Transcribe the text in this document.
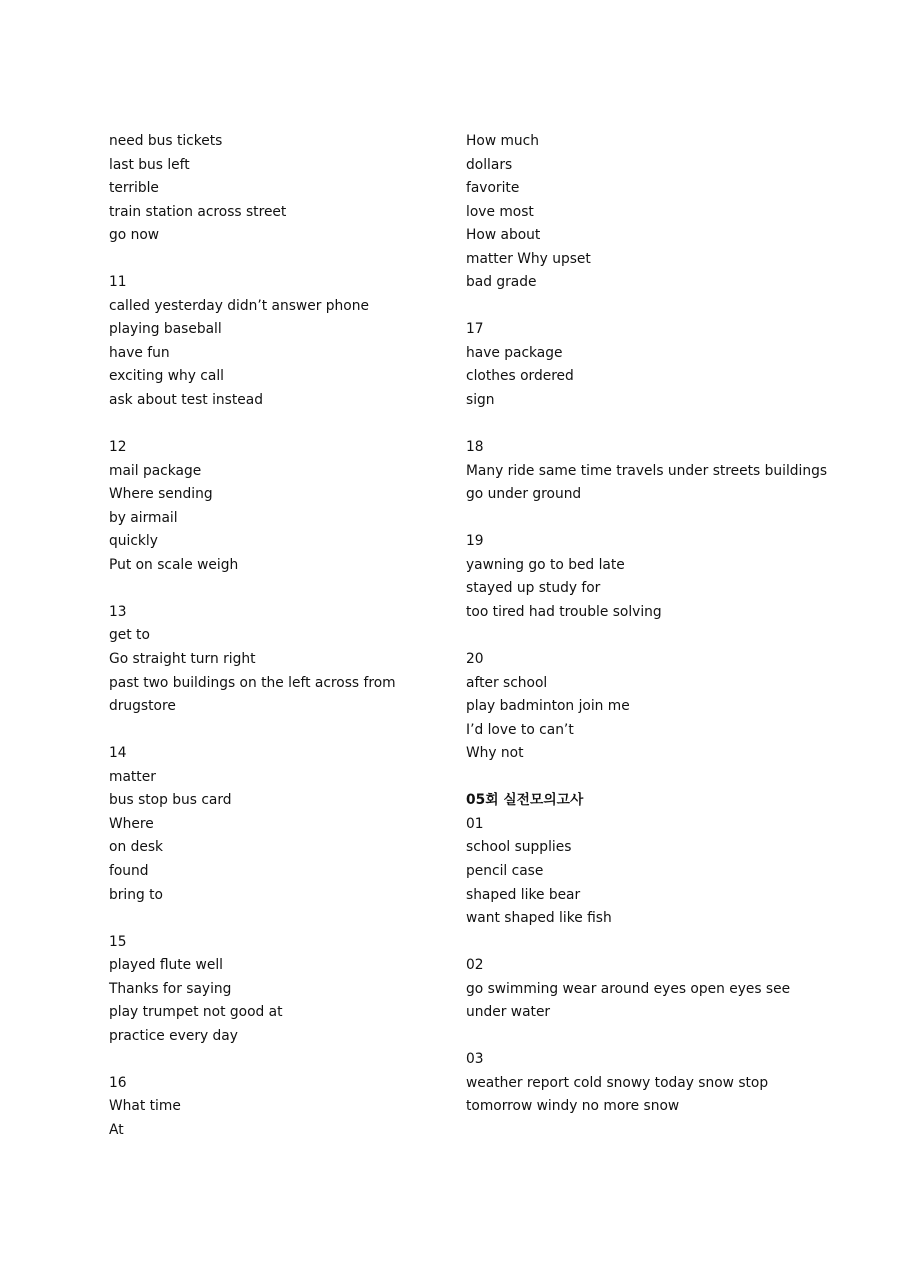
need bus tickets
last bus left
terrible
train station across street
go now
11
called yesterday didn’t answer phone
playing baseball
have fun
exciting why call
ask about test instead
12
mail package
Where sending
by airmail
quickly
Put on scale weigh
13
get to
Go straight turn right
past two buildings on the left across from
drugstore
14
matter
bus stop bus card
Where
on desk
found
bring to
15
played flute well
Thanks for saying
play trumpet not good at
practice every day
16
What time
At
How much
dollars
favorite
love most
How about
matter Why upset
bad grade
17
have package
clothes ordered
sign
18
Many ride same time travels under streets buildings
go under ground
19
yawning go to bed late
stayed up study for
too tired had trouble solving
20
after school
play badminton join me
I’d love to can’t
Why not
05회 실전모의고사
01
school supplies
pencil case
shaped like bear
want shaped like fish
02
go swimming wear around eyes open eyes see
under water
03
weather report cold snowy today snow stop
tomorrow windy no more snow
